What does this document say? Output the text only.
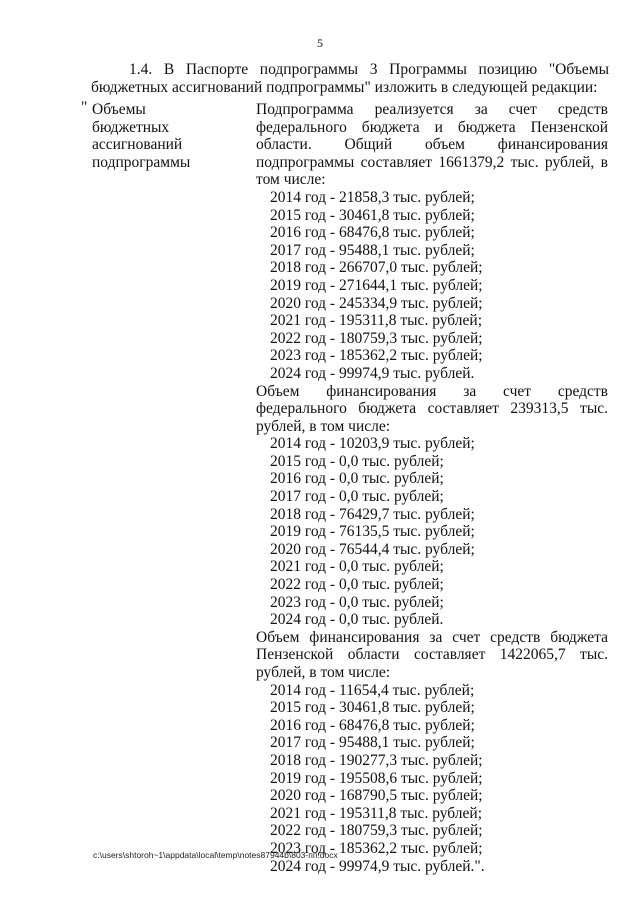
5
1.4. В Паспорте подпрограммы 3 Программы позицию "Объемы
бюджетных ассигнований подпрограммы" изложить в следующей редакции:
" Объемы
бюджетных
ассигнований
подпрограммы
Подпрограмма реализуется за счет средств федерального бюджета и бюджета Пензенской области. Общий объем финансирования подпрограммы составляет 1661379,2 тыс. рублей, в том числе:
2014 год - 21858,3 тыс. рублей;
2015 год - 30461,8 тыс. рублей;
2016 год - 68476,8 тыс. рублей;
2017 год - 95488,1 тыс. рублей;
2018 год - 266707,0 тыс. рублей;
2019 год - 271644,1 тыс. рублей;
2020 год - 245334,9 тыс. рублей;
2021 год - 195311,8 тыс. рублей;
2022 год - 180759,3 тыс. рублей;
2023 год - 185362,2 тыс. рублей;
2024 год - 99974,9 тыс. рублей.
Объем финансирования за счет средств федерального бюджета составляет 239313,5 тыс. рублей, в том числе:
2014 год - 10203,9 тыс. рублей;
2015 год - 0,0 тыс. рублей;
2016 год - 0,0 тыс. рублей;
2017 год - 0,0 тыс. рублей;
2018 год - 76429,7 тыс. рублей;
2019 год - 76135,5 тыс. рублей;
2020 год - 76544,4 тыс. рублей;
2021 год - 0,0 тыс. рублей;
2022 год - 0,0 тыс. рублей;
2023 год - 0,0 тыс. рублей;
2024 год - 0,0 тыс. рублей.
Объем финансирования за счет средств бюджета Пензенской области составляет 1422065,7 тыс. рублей, в том числе:
2014 год - 11654,4 тыс. рублей;
2015 год - 30461,8 тыс. рублей;
2016 год - 68476,8 тыс. рублей;
2017 год - 95488,1 тыс. рублей;
2018 год - 190277,3 тыс. рублей;
2019 год - 195508,6 тыс. рублей;
2020 год - 168790,5 тыс. рублей;
2021 год - 195311,8 тыс. рублей;
2022 год - 180759,3 тыс. рублей;
2023 год - 185362,2 тыс. рублей;
2024 год - 99974,9 тыс. рублей.".
c:\users\shtoroh~1\appdata\local\temp\notes87944b\803-пп.docx
